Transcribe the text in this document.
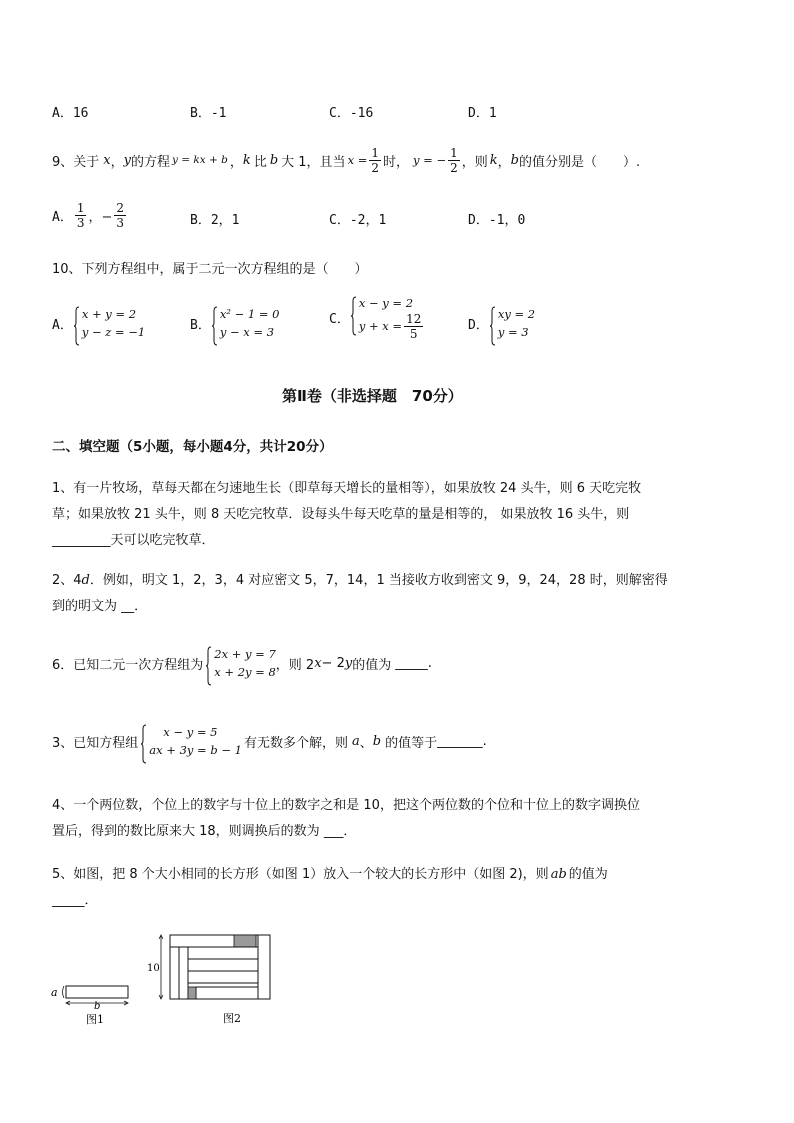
A．16	B．-1	C．-16	D．1
9、关于 x ， y 的方程 y = kx + b ， k 比 b 大 1，且当 $x = \frac{1}{2}$ 时， y = − $\frac{1}{2}$ ，则 k ， b 的值分别是（　　）.
A． $\frac{1}{3}$ ，− $\frac{2}{3}$	B．2，1	C．-2，1	D．-1，0
10、下列方程组中，属于二元一次方程组的是（　　）
A．
x + y = 2
y − z = −1	B．
x² − 1 = 0
y − x = 3
C．
x − y = 2
$y + x = \frac{12}{5}$	D．
xy = 2
y = 3
第Ⅱ卷（非选择题　70分）
二、填空题（5小题，每小题4分，共计20分）
1、有一片牧场，草每天都在匀速地生长（即草每天增长的量相等），如果放牧 24 头牛，则 6 天吃完牧
草；如果放牧 21 头牛，则 8 天吃完牧草．设每头牛每天吃草的量是相等的， 如果放牧 16 头牛，则
_________天可以吃完牧草．
2、4d．例如，明文 1，2，3，4 对应密文 5，7，14，1 当接收方收到密文 9，9，24，28 时，则解密得
到的明文为 __．
6．已知二元一次方程组为
2x + y = 7
x + 2y = 8 ，则 2 x − 2 y 的值为 _____ .
3、已知方程组
x − y = 5
ax + 3y = b − 1 有无数多个解，则 a 、 b 的值等于 _______ .
4、一个两位数，个位上的数字与十位上的数字之和是 10，把这个两位数的个位和十位上的数字调换位
置后，得到的数比原来大 18，则调换后的数为 ___．
5、如图，把 8 个大小相同的长方形（如图 1）放入一个较大的长方形中（如图 2)，则 ab 的值为
_____．
a
b
图1
10
图2
